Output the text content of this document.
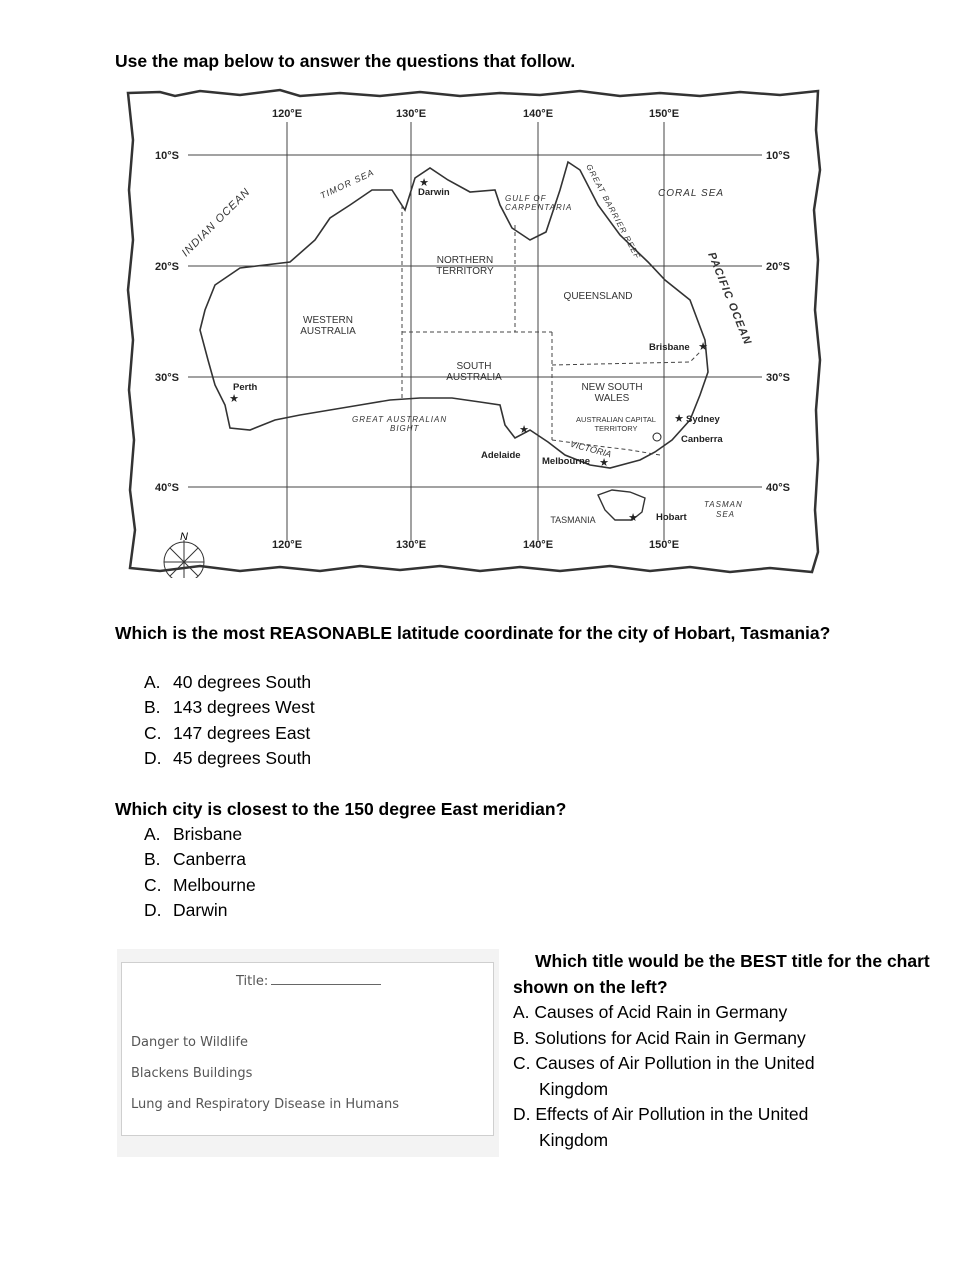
Use the map below to answer the questions that follow.
N
120°E	130°E	140°E	150°E
120°E	130°E	140°E	150°E
10°S
20°S
30°S
40°S
10°S
20°S
30°S
40°S
INDIAN OCEAN
TIMOR SEA	GULF OF
CARPENTARIA GREAT BARRIER REEF CORAL SEA
PACIFIC OCEAN
GREAT AUSTRALIAN
BIGHT
TASMAN
SEA
NORTHERN
TERRITORY
QUEENSLAND
WESTERN
AUSTRALIA
SOUTH
AUSTRALIA
NEW SOUTH
WALES
AUSTRALIAN CAPITAL
TERRITORY
VICTORIA
TASMANIA
Darwin
Perth
Adelaide
Melbourne
Brisbane
Sydney
Canberra
Hobart
★
★
★
★
★
★
★
Which is the most REASONABLE latitude coordinate for the city of Hobart, Tasmania?
A. 40 degrees South
B. 143 degrees West
C. 147 degrees East
D. 45 degrees South
Which city is closest to the 150 degree East meridian?
A. Brisbane
B. Canberra
C. Melbourne
D. Darwin
Title:
Danger to Wildlife
Blackens Buildings
Lung and Respiratory Disease in Humans
Which title would be the BEST title for the chart shown on the left?
A. Causes of Acid Rain in Germany
B. Solutions for Acid Rain in Germany
C. Causes of Air Pollution in the United
Kingdom
D. Effects of Air Pollution in the United
Kingdom
